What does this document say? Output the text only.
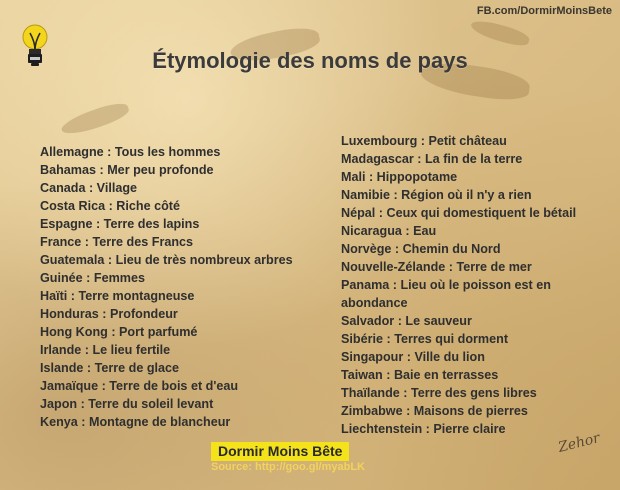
FB.com/DormirMoinsBete
Étymologie des noms de pays
Allemagne : Tous les hommes
Bahamas : Mer peu profonde
Canada : Village
Costa Rica : Riche côté
Espagne : Terre des lapins
France : Terre des Francs
Guatemala : Lieu de très nombreux arbres
Guinée : Femmes
Haïti : Terre montagneuse
Honduras : Profondeur
Hong Kong : Port parfumé
Irlande : Le lieu fertile
Islande : Terre de glace
Jamaïque : Terre de bois et d'eau
Japon : Terre du soleil levant
Kenya : Montagne de blancheur
Luxembourg : Petit château
Madagascar : La fin de la terre
Mali : Hippopotame
Namibie : Région où il n'y a rien
Népal : Ceux qui domestiquent le bétail
Nicaragua : Eau
Norvège : Chemin du Nord
Nouvelle-Zélande : Terre de mer
Panama : Lieu où le poisson est en abondance
Salvador : Le sauveur
Sibérie : Terres qui dorment
Singapour : Ville du lion
Taiwan : Baie en terrasses
Thaïlande : Terre des gens libres
Zimbabwe : Maisons de pierres
Liechtenstein : Pierre claire
Dormir Moins Bête
Source: http://goo.gl/myabLK
Zehor
